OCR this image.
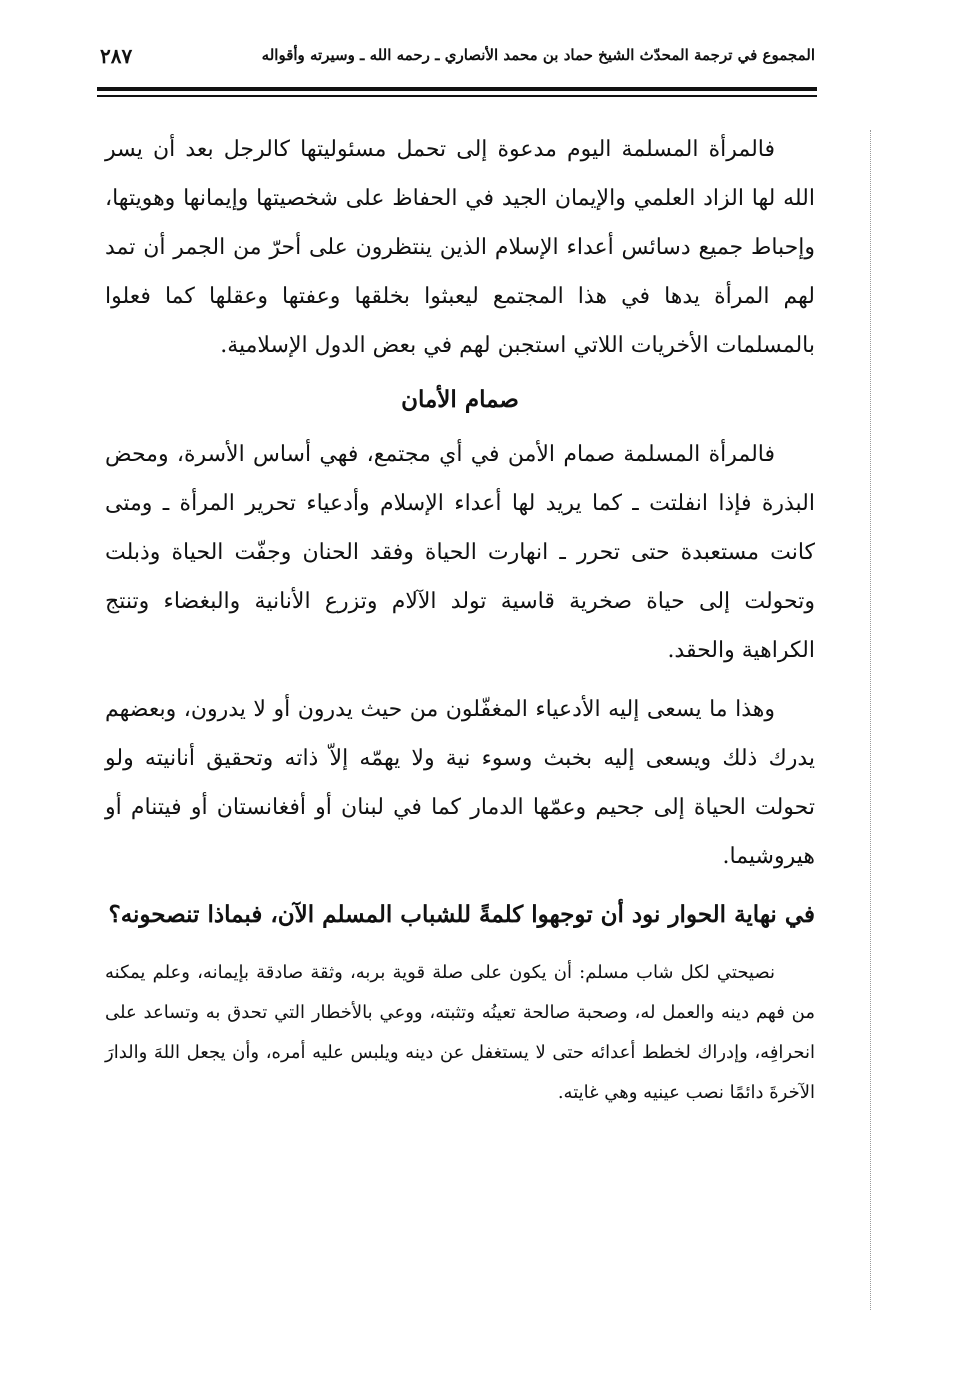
المجموع في ترجمة المحدّث الشيخ حماد بن محمد الأنصاري ـ رحمه الله ـ وسيرته وأقواله
٢٨٧

فالمرأة المسلمة اليوم مدعوة إلى تحمل مسئوليتها كالرجل بعد أن يسر الله لها الزاد العلمي والإيمان الجيد في الحفاظ على شخصيتها وإيمانها وهويتها، وإحباط جميع دسائس أعداء الإسلام الذين ينتظرون على أحرّ من الجمر أن تمد لهم المرأة يدها في هذا المجتمع ليعبثوا بخلقها وعفتها وعقلها كما فعلوا بالمسلمات الأخريات اللاتي استجبن لهم في بعض الدول الإسلامية.

صمام الأمان

فالمرأة المسلمة صمام الأمن في أي مجتمع، فهي أساس الأسرة، ومحض البذرة فإذا انفلتت ـ كما يريد لها أعداء الإسلام وأدعياء تحرير المرأة ـ ومتى كانت مستعبدة حتى تحرر ـ انهارت الحياة وفقد الحنان وجفّت الحياة وذبلت وتحولت إلى حياة صخرية قاسية تولد الآلام وتزرع الأنانية والبغضاء وتنتج الكراهية والحقد.

وهذا ما يسعى إليه الأدعياء المغفّلون من حيث يدرون أو لا يدرون، وبعضهم يدرك ذلك ويسعى إليه بخبث وسوء نية ولا يهمّه إلاّ ذاته وتحقيق أنانيته ولو تحولت الحياة إلى جحيم وعمّها الدمار كما في لبنان أو أفغانستان أو فيتنام أو هيروشيما.

في نهاية الحوار نود أن توجهوا كلمةً للشباب المسلم الآن، فبماذا تنصحونه؟

نصيحتي لكل شاب مسلم: أن يكون على صلة قوية بربه، وثقة صادقة بإيمانه، وعلم يمكنه من فهم دينه والعمل له، وصحبة صالحة تعينُه وتثبته، ووعي بالأخطار التي تحدق به وتساعد على انحرافِه، وإدراك لخطط أعدائه حتى لا يستغفل عن دينه ويلبس عليه أمره، وأن يجعل اللهَ والدارَ الآخرةَ دائمًا نصب عينيه وهي غايته.
